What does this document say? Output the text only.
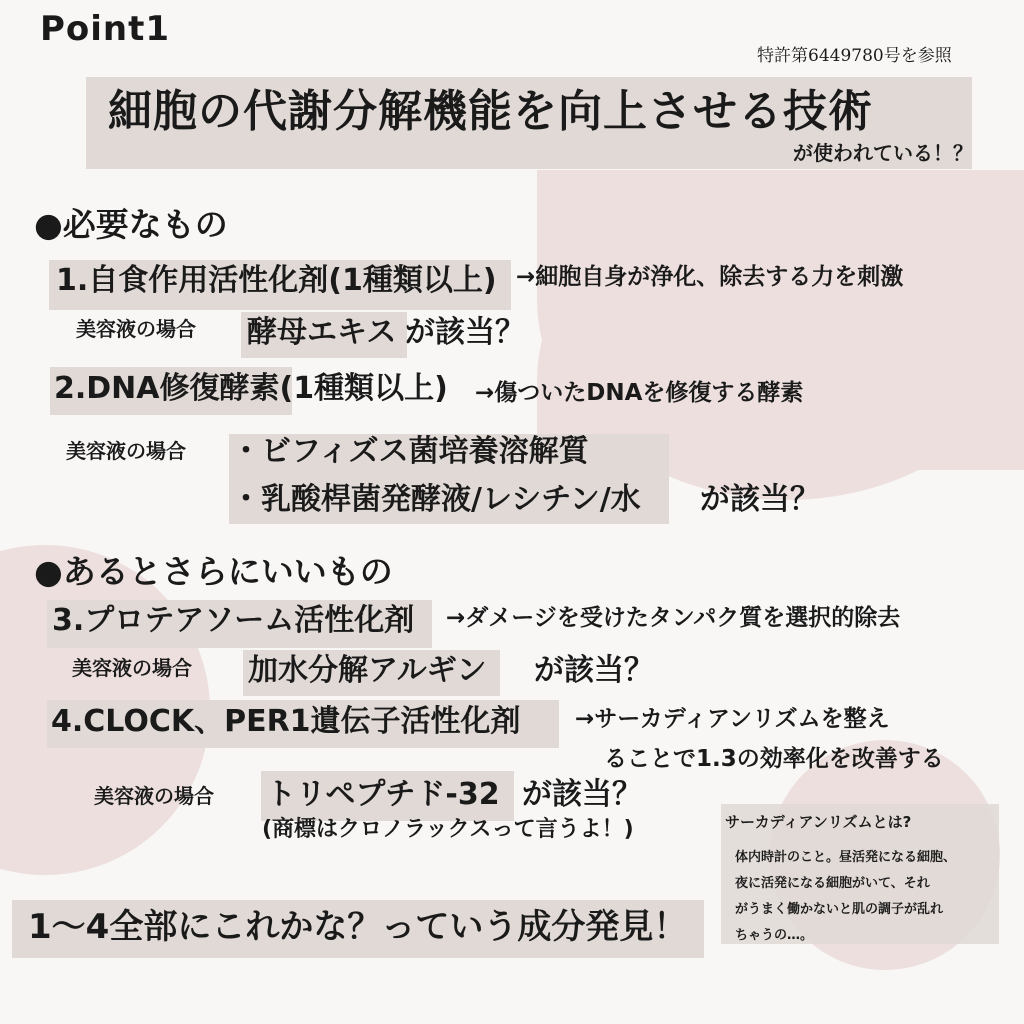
Point1
特許第6449780号を参照
細胞の代謝分解機能を向上させる技術
が使われている！？
●必要なもの
1.自食作用活性化剤(1種類以上) →細胞自身が浄化、除去する力を刺激
美容液の場合 酵母エキス が該当？
2.DNA修復酵素(1種類以上) →傷ついたDNAを修復する酵素
美容液の場合 ・ビフィズス菌培養溶解質
・乳酸桿菌発酵液/レシチン/水 が該当？
●あるとさらにいいもの
3.プロテアソーム活性化剤 →ダメージを受けたタンパク質を選択的除去
美容液の場合 加水分解アルギン が該当？
4.CLOCK、PER1遺伝子活性化剤 →サーカディアンリズムを整え
ることで1.3の効率化を改善する
美容液の場合 トリペプチド-32 が該当？
(商標はクロノラックスって言うよ！)
1〜4全部にこれかな？っていう成分発見！
サーカディアンリズムとは?
体内時計のこと。昼活発になる細胞、
夜に活発になる細胞がいて、それ
がうまく働かないと肌の調子が乱れ
ちゃうの…。
